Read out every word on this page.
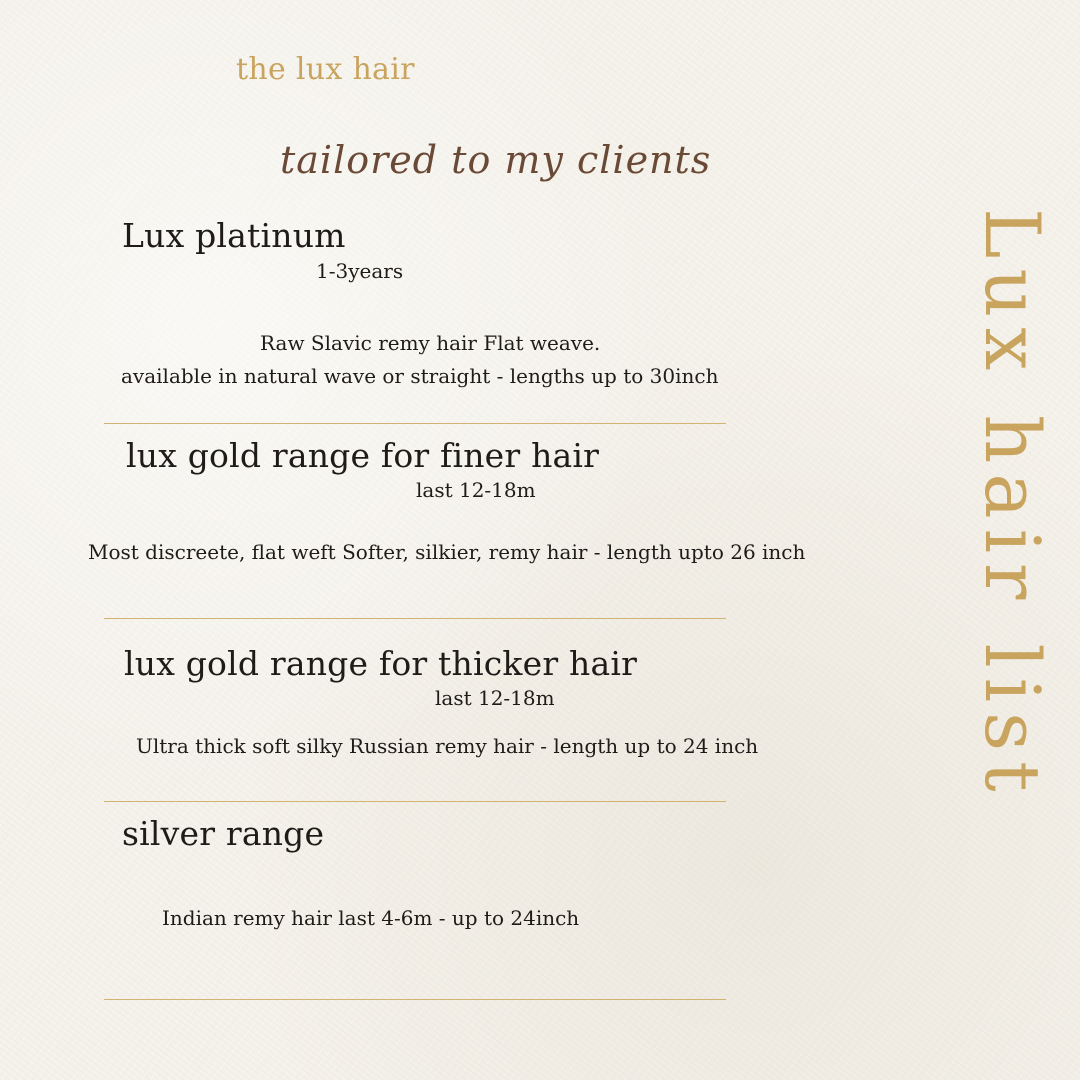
the lux hair
tailored to my clients
Lux hair list
Lux platinum
1-3years
Raw Slavic remy hair Flat weave.
available in natural wave or straight - lengths up to 30inch
lux gold range for finer hair
last 12-18m
Most discreete, flat weft Softer, silkier, remy hair - length upto 26 inch
lux gold range for thicker hair
last 12-18m
Ultra thick soft silky Russian remy hair - length up to 24 inch
silver range
Indian remy hair last 4-6m - up to 24inch
